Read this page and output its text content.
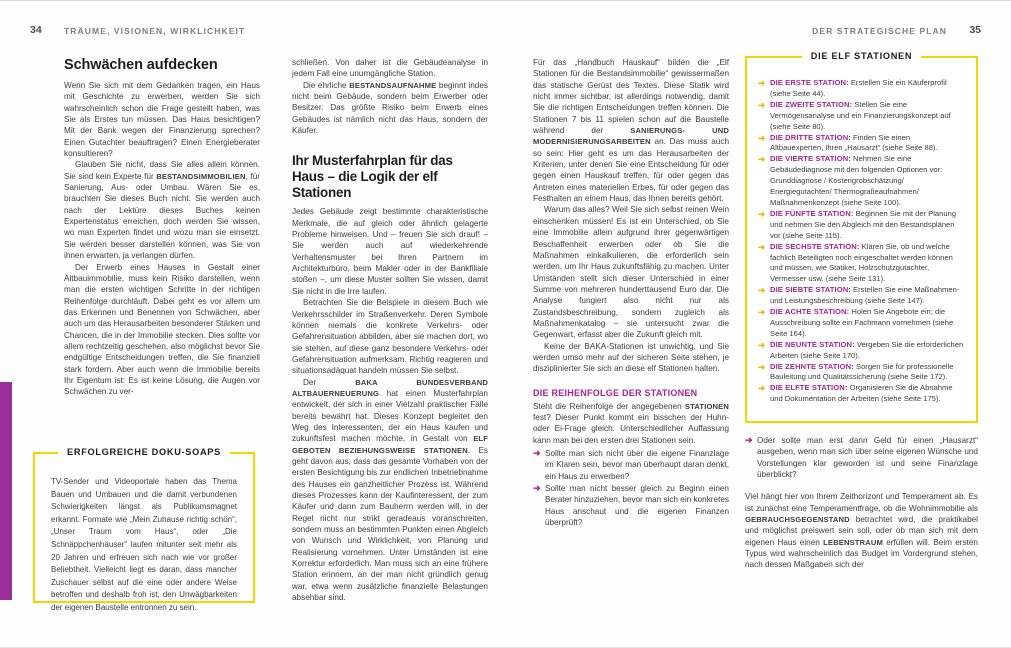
34	TRÄUME, VISIONEN, WIRKLICHKEIT	DER STRATEGISCHE PLAN 35
Schwächen aufdecken

Wenn Sie sich mit dem Gedanken tragen, ein Haus mit Geschichte zu erwerben, werden Sie sich wahrscheinlich schon die Frage gestellt haben, was Sie als Erstes tun müssen. Das Haus besichtigen? Mit der Bank wegen der Finanzierung sprechen? Einen Gutachter beauftragen? Einen Energieberater konsultieren?

Glauben Sie nicht, dass Sie alles allein können. Sie sind kein Experte für BESTANDSIMMOBILIEN, für Sanierung, Aus- oder Umbau. Wären Sie es, brauchten Sie dieses Buch nicht. Sie werden auch nach der Lektüre dieses Buches keinen Expertenstatus erreichen, doch werden Sie wissen, wo man Experten findet und wozu man sie einsetzt. Sie werden besser darstellen können, was Sie von ihnen erwarten, ja verlangen dürfen.

Der Erwerb eines Hauses in Gestalt einer Altbauimmobilie, muss kein Risiko darstellen, wenn man die ersten wichtigen Schritte in der richtigen Reihenfolge durchläuft. Dabei geht es vor allem um das Erkennen und Benennen von Schwächen, aber auch um das Herausarbeiten besonderer Stärken und Chancen, die in der Immobilie stecken. Dies sollte vor allem rechtzeitig geschehen, also möglichst bevor Sie endgültige Entscheidungen treffen, die Sie finanziell stark fordern. Aber auch wenn die Immobilie bereits Ihr Eigentum ist: Es ist keine Lösung, die Augen vor Schwächen zu ver-

schließen. Von daher ist die Gebäudeanalyse in jedem Fall eine unumgängliche Station.

Die ehrliche BESTANDSAUFNAHME beginnt indes nicht beim Gebäude, sondern beim Erwerber oder Besitzer. Das größte Risiko beim Erwerb eines Gebäudes ist nämlich nicht das Haus, sondern der Käufer.

Ihr Musterfahrplan für das Haus – die Logik der elf Stationen

Jedes Gebäude zeigt bestimmte charakteristische Merkmale, die auf gleich oder ähnlich gelagerte Probleme hinweisen. Und – freuen Sie sich drauf! – Sie werden auch auf wiederkehrende Verhaltensmuster bei Ihren Partnern im Architekturbüro, beim Makler oder in der Bankfiliale stoßen –, um diese Muster sollten Sie wissen, damit Sie nicht in die Irre laufen.

Betrachten Sie die Beispiele in diesem Buch wie Verkehrsschilder im Straßenverkehr. Deren Symbole können niemals die konkrete Verkehrs- oder Gefahrensituation abbilden, aber sie machen dort, wo sie stehen, auf diese ganz besondere Verkehrs- oder Gefahrensituation aufmerksam. Richtig reagieren und situationsadäquat handeln müssen Sie selbst.

Der BAKA BUNDESVERBAND ALTBAUERNEUERUNG hat einen Musterfahrplan entwickelt, der sich in einer Vielzahl praktischer Fälle bereits bewährt hat. Dieses Konzept begleitet den Weg des Interessenten, der ein Haus kaufen und zukunftsfest machen möchte, in Gestalt von ELF GEBOTEN BEZIEHUNGSWEISE STATIONEN. Es geht davon aus, dass das gesamte Vorhaben von der ersten Besichtigung bis zur endlichen Inbetriebnahme des Hauses ein ganzheitlicher Prozess ist. Während dieses Prozesses kann der Kaufinteressent, der zum Käufer und dann zum Bauherrn werden will, in der Regel nicht nur strikt geradeaus voranschreiten, sondern muss an bestimmten Punkten einen Abgleich von Wunsch und Wirklichkeit, von Planung und Realisierung vornehmen. Unter Umständen ist eine Korrektur erforderlich. Man muss sich an eine frühere Station erinnern, an der man nicht gründlich genug war, etwa wenn zusätzliche finanzielle Belastungen absehbar sind.

Für das „Handbuch Hauskauf“ bilden die „Elf Stationen für die Bestandsimmobilie“ gewissermaßen das statische Gerüst des Textes. Diese Statik wird nicht immer sichtbar, ist allerdings notwendig, damit Sie die richtigen Entscheidungen treffen können. Die Stationen 7 bis 11 spielen schon auf die Baustelle während der SANIERUNGS- UND MODERNISIERUNGSARBEITEN an. Das muss auch so sein: Hier geht es um das Herausarbeiten der Kriterien, unter denen Sie eine Entscheidung für oder gegen einen Hauskauf treffen, für oder gegen das Antreten eines materiellen Erbes, für oder gegen das Festhalten an einem Haus, das Ihnen bereits gehört.

Warum das alles? Weil Sie sich selbst reinen Wein einschenken müssen! Es ist ein Unterschied, ob Sie eine Immobilie allein aufgrund ihrer gegenwärtigen Beschaffenheit erwerben oder ob Sie die Maßnahmen einkalkulieren, die erforderlich sein werden, um Ihr Haus zukunftsfähig zu machen. Unter Umständen stellt sich dieser Unterschied in einer Summe von mehreren hunderttausend Euro dar. Die Analyse fungiert also nicht nur als Zustandsbeschreibung, sondern zugleich als Maßnahmenkatalog – sie untersucht zwar die Gegenwart, erfasst aber die Zukunft gleich mit.

Keine der BAKA-Stationen ist unwichtig, und Sie werden umso mehr auf der sicheren Seite stehen, je disziplinierter Sie sich an diese elf Stationen halten.

DIE REIHENFOLGE DER STATIONEN

Steht die Reihenfolge der angegebenen STATIONEN fest? Dieser Punkt kommt ein bisschen der Huhn- oder Ei-Frage gleich. Unterschiedlicher Auffassung kann man bei den ersten drei Stationen sein.

➜ Sollte man sich nicht über die eigene Finanzlage im Klaren sein, bevor man überhaupt daran denkt, ein Haus zu erwerben?
➜ Sollte man nicht besser gleich zu Beginn einen Berater hinzuziehen, bevor man sich ein konkretes Haus anschaut und die eigenen Finanzen überprüft?
ERFOLGREICHE DOKU-SOAPS
TV-Sender und Videoportale haben das Thema Bauen und Umbauen und die damit verbundenen Schwierigkeiten längst als Publikumsmagnet erkannt. Formate wie „Mein Zuhause richtig schön“, „Unser Traum vom Haus“, oder „Die Schnäppchenhäuser“ laufen mitunter seit mehr als 20 Jahren und erfreuen sich nach wie vor großer Beliebtheit. Vielleicht liegt es daran, dass mancher Zuschauer selbst auf die eine oder andere Weise betroffen und deshalb froh ist, den Unwägbarkeiten der eigenen Baustelle entronnen zu sein.
DIE ELF STATIONEN
➜ DIE ERSTE STATION: Erstellen Sie ein Käuferprofil (siehe Seite 44).
➜ DIE ZWEITE STATION: Stellen Sie eine Vermögensanalyse und ein Finanzierungskonzept auf (siehe Seite 80).
➜ DIE DRITTE STATION: Finden Sie einen Altbauexperten, Ihren „Hausarzt“ (siehe Seite 88).
➜ DIE VIERTE STATION: Nehmen Sie eine Gebäudediagnose mit den folgenden Optionen vor: Grunddiagnose / Kostengrobschätzung/ Energiegutachten/ Thermografieaufnahmen/ Maßnahmenkonzept (siehe Seite 100).
➜ DIE FÜNFTE STATION: Beginnen Sie mit der Planung und nehmen Sie den Abgleich mit den Bestandsplänen vor (siehe Seite 115).
➜ DIE SECHSTE STATION: Klären Sie, ob und welche fachlich Beteiligten noch eingeschaltet werden können und müssen, wie Statiker, Holzschutzgutachter, Vermesser usw. (siehe Seite 131).
➜ DIE SIEBTE STATION: Erstellen Sie eine Maßnahmen- und Leistungsbeschreibung (siehe Seite 147).
➜ DIE ACHTE STATION: Holen Sie Angebote ein; die Ausschreibung sollte ein Fachmann vornehmen (siehe Seite 164).
➜ DIE NEUNTE STATION: Vergeben Sie die erforderlichen Arbeiten (siehe Seite 170).
➜ DIE ZEHNTE STATION: Sorgen Sie für professionelle Bauleitung und Qualitätssicherung (siehe Seite 172).
➜ DIE ELFTE STATION: Organisieren Sie die Abnahme und Dokumentation der Arbeiten (siehe Seite 175).
➜ Oder sollte man erst dann Geld für einen „Hausarzt“ ausgeben, wenn man sich über seine eigenen Wünsche und Vorstellungen klar geworden ist und seine Finanzlage überblickt?

Viel hängt hier von Ihrem Zeithorizont und Temperament ab. Es ist zunächst eine Temperamentfrage, ob die Wohnimmobilie als GEBRAUCHSGEGENSTAND betrachtet wird, die praktikabel und möglichst preiswert sein soll, oder ob man sich mit dem eigenen Haus einen LEBENSTRAUM erfüllen will. Beim ersten Typus wird wahrscheinlich das Budget im Vordergrund stehen, nach dessen Maßgaben sich der
